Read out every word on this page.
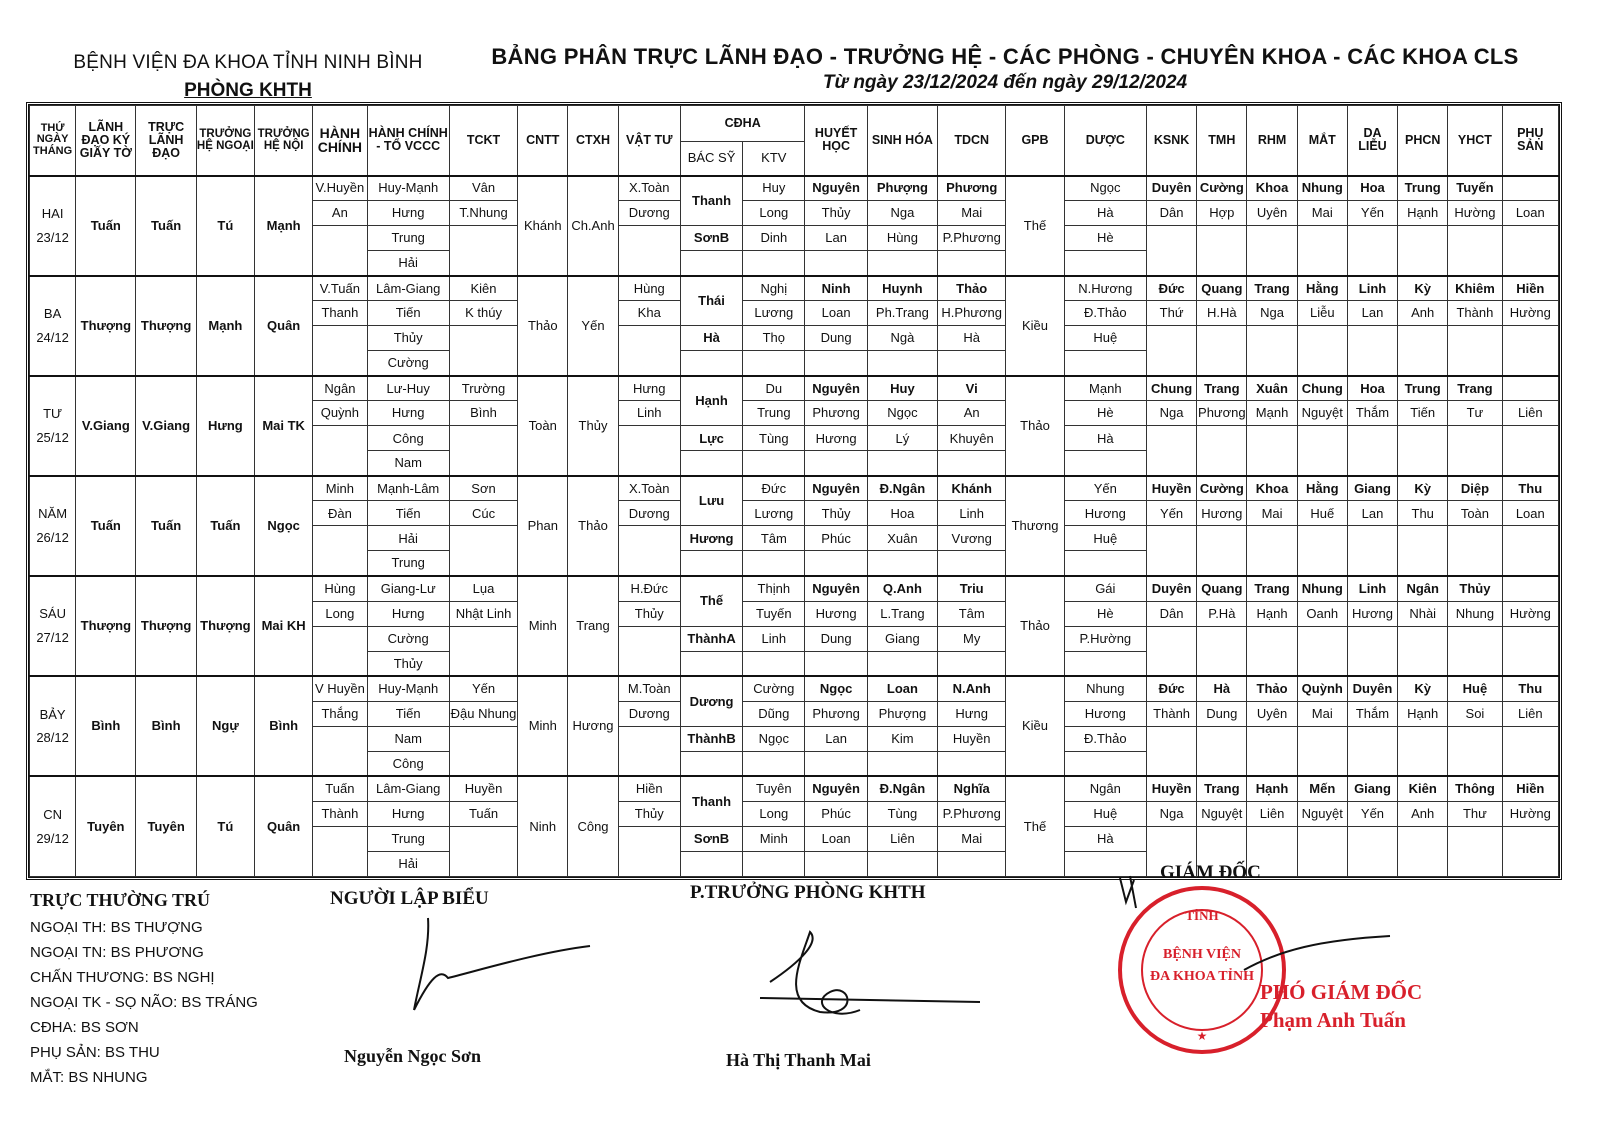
BỆNH VIỆN ĐA KHOA TỈNH NINH BÌNH
PHÒNG KHTH
BẢNG PHÂN TRỰC LÃNH ĐẠO - TRƯỞNG HỆ - CÁC PHÒNG - CHUYÊN KHOA - CÁC KHOA CLS
Từ ngày 23/12/2024 đến ngày 29/12/2024
THỨ
NGÀY
THÁNG	LÃNH ĐẠO KÝ GIẤY TỜ	TRỰC LÃNH ĐẠO	TRƯỞNG HỆ NGOẠI	TRƯỞNG HỆ NỘI	HÀNH CHÍNH	HÀNH CHÍNH - TỔ VCCC	TCKT	CNTT	CTXH	VẬT TƯ	CĐHA		HUYẾT HỌC	SINH HÓA	TDCN	GPB	DƯỢC	KSNK	TMH	RHM	MẮT	DA LIỄU	PHCN	YHCT	PHỤ SẢN
											BÁC SỸ	KTV													

HAI
23/12	Tuấn	Tuấn	Tú	Mạnh	V.Huyền	Huy-Mạnh	Vân	Khánh	Ch.Anh	X.Toàn	Thanh	Huy	Nguyên	Phượng	Phương	Thế	Ngọc	Duyên	Cường	Khoa	Nhung	Hoa	Trung	Tuyến	
					An	Hưng	T.Nhung			Dương		Long	Thủy	Nga	Mai		Hà	Dân	Hợp	Uyên	Mai	Yến	Hạnh	Hường	Loan
						Trung					SơnB	Dinh	Lan	Hùng	P.Phương		Hè								
						Hải																			

BA
24/12	Thượng	Thượng	Mạnh	Quân	V.Tuấn	Lâm-Giang	Kiên	Thảo	Yến	Hùng	Thái	Nghị	Ninh	Huynh	Thảo	Kiều	N.Hương	Đức	Quang	Trang	Hằng	Linh	Kỳ	Khiêm	Hiền
					Thanh	Tiến	K thúy			Kha		Lương	Loan	Ph.Trang	H.Phương		Đ.Thảo	Thứ	H.Hà	Nga	Liễu	Lan	Anh	Thành	Hường
						Thủy					Hà	Thọ	Dung	Ngà	Hà		Huệ								
						Cường																			

TƯ
25/12	V.Giang	V.Giang	Hưng	Mai TK	Ngân	Lư-Huy	Trường	Toàn	Thủy	Hưng	Hạnh	Du	Nguyên	Huy	Vi	Thảo	Mạnh	Chung	Trang	Xuân	Chung	Hoa	Trung	Trang	
					Quỳnh	Hưng	Bình			Linh		Trung	Phương	Ngọc	An		Hè	Nga	Phương	Mạnh	Nguyệt	Thắm	Tiến	Tư	Liên
						Công					Lực	Tùng	Hương	Lý	Khuyên		Hà								
						Nam																			

NĂM
26/12	Tuấn	Tuấn	Tuấn	Ngọc	Minh	Mạnh-Lâm	Sơn	Phan	Thảo	X.Toàn	Lưu	Đức	Nguyên	Đ.Ngân	Khánh	Thương	Yến	Huyền	Cường	Khoa	Hằng	Giang	Kỳ	Diệp	Thu
					Đàn	Tiến	Cúc			Dương		Lương	Thủy	Hoa	Linh		Hương	Yến	Hương	Mai	Huế	Lan	Thu	Toàn	Loan
						Hải					Hương	Tâm	Phúc	Xuân	Vương		Huệ								
						Trung																			

SÁU
27/12	Thượng	Thượng	Thượng	Mai KH	Hùng	Giang-Lư	Lụa	Minh	Trang	H.Đức	Thế	Thịnh	Nguyên	Q.Anh	Triu	Thảo	Gái	Duyên	Quang	Trang	Nhung	Linh	Ngân	Thủy	
					Long	Hưng	Nhật Linh			Thủy		Tuyến	Hương	L.Trang	Tâm		Hè	Dân	P.Hà	Hạnh	Oanh	Hương	Nhài	Nhung	Hường
						Cường					ThànhA	Linh	Dung	Giang	My		P.Hường								
						Thủy																			

BẢY
28/12	Bình	Bình	Ngự	Bình	V Huyền	Huy-Mạnh	Yến	Minh	Hương	M.Toàn	Dương	Cường	Ngọc	Loan	N.Anh	Kiều	Nhung	Đức	Hà	Thảo	Quỳnh	Duyên	Kỳ	Huệ	Thu
					Thắng	Tiến	Đậu Nhung			Dương		Dũng	Phương	Phượng	Hưng		Hương	Thành	Dung	Uyên	Mai	Thắm	Hạnh	Soi	Liên
						Nam					ThànhB	Ngọc	Lan	Kim	Huyền		Đ.Thảo								
						Công																			

CN
29/12	Tuyên	Tuyên	Tú	Quân	Tuấn	Lâm-Giang	Huyền	Ninh	Công	Hiền	Thanh	Tuyên	Nguyên	Đ.Ngân	Nghĩa	Thế	Ngân	Huyền	Trang	Hạnh	Mến	Giang	Kiên	Thông	Hiền
					Thành	Hưng	Tuấn			Thủy		Long	Phúc	Tùng	P.Phương		Huệ	Nga	Nguyệt	Liên	Nguyệt	Yến	Anh	Thư	Hường
						Trung					SơnB	Minh	Loan	Liên	Mai		Hà								
						Hải																			
TRỰC THƯỜNG TRÚ
NGOẠI TH: BS THƯỢNG
NGOẠI TN: BS PHƯƠNG
CHẤN THƯƠNG: BS NGHỊ
NGOẠI TK - SỌ NÃO: BS TRÁNG
CĐHA: BS SƠN
PHỤ SẢN: BS THU
MẮT: BS NHUNG
NGƯỜI LẬP BIỂU
Nguyễn Ngọc Sơn
P.TRƯỞNG PHÒNG KHTH
Hà Thị Thanh Mai
GIÁM ĐỐC
TỈNH
BỆNH VIỆN
ĐA KHOA TỈNH
★
PHÓ GIÁM ĐỐC
Phạm Anh Tuấn
